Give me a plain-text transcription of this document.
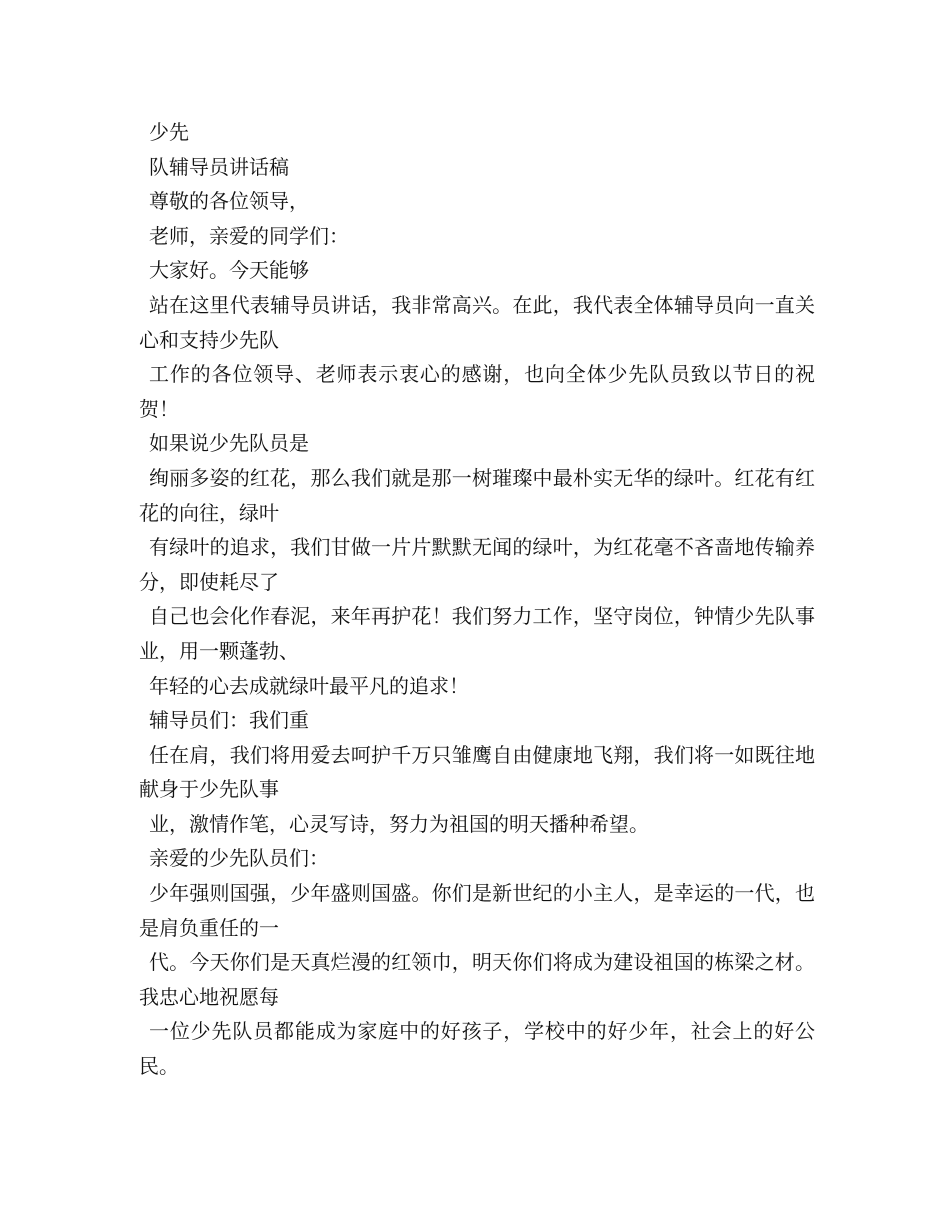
少先

队辅导员讲话稿

尊敬的各位领导，

老师，亲爱的同学们：

大家好。今天能够

站在这里代表辅导员讲话，我非常高兴。在此，我代表全体辅导员向一直关心和支持少先队

工作的各位领导、老师表示衷心的感谢，也向全体少先队员致以节日的祝贺！

如果说少先队员是

绚丽多姿的红花，那么我们就是那一树璀璨中最朴实无华的绿叶。红花有红花的向往，绿叶

有绿叶的追求，我们甘做一片片默默无闻的绿叶，为红花毫不吝啬地传输养分，即使耗尽了

自己也会化作春泥，来年再护花！我们努力工作，坚守岗位，钟情少先队事业，用一颗蓬勃、

年轻的心去成就绿叶最平凡的追求！

辅导员们：我们重

任在肩，我们将用爱去呵护千万只雏鹰自由健康地飞翔，我们将一如既往地献身于少先队事

业，激情作笔，心灵写诗，努力为祖国的明天播种希望。

亲爱的少先队员们：

少年强则国强，少年盛则国盛。你们是新世纪的小主人，是幸运的一代，也是肩负重任的一

代。今天你们是天真烂漫的红领巾，明天你们将成为建设祖国的栋梁之材。我忠心地祝愿每

一位少先队员都能成为家庭中的好孩子，学校中的好少年，社会上的好公民。
